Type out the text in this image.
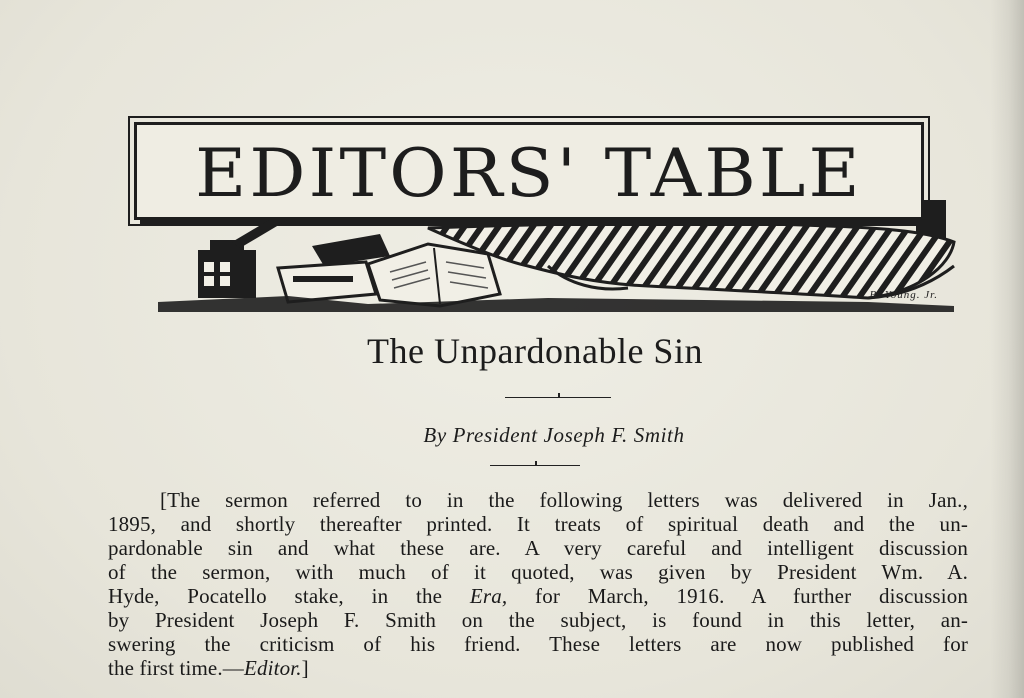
EDITORS' TABLE
B. Young. Jr.
The Unpardonable Sin
By President Joseph F. Smith
[The sermon referred to in the following letters was delivered in Jan.,
1895, and shortly thereafter printed. It treats of spiritual death and the un-
pardonable sin and what these are. A very careful and intelligent discussion
of the sermon, with much of it quoted, was given by President Wm. A.
Hyde, Pocatello stake, in the Era, for March, 1916. A further discussion
by President Joseph F. Smith on the subject, is found in this letter, an-
swering the criticism of his friend. These letters are now published for
the first time.—Editor.]
